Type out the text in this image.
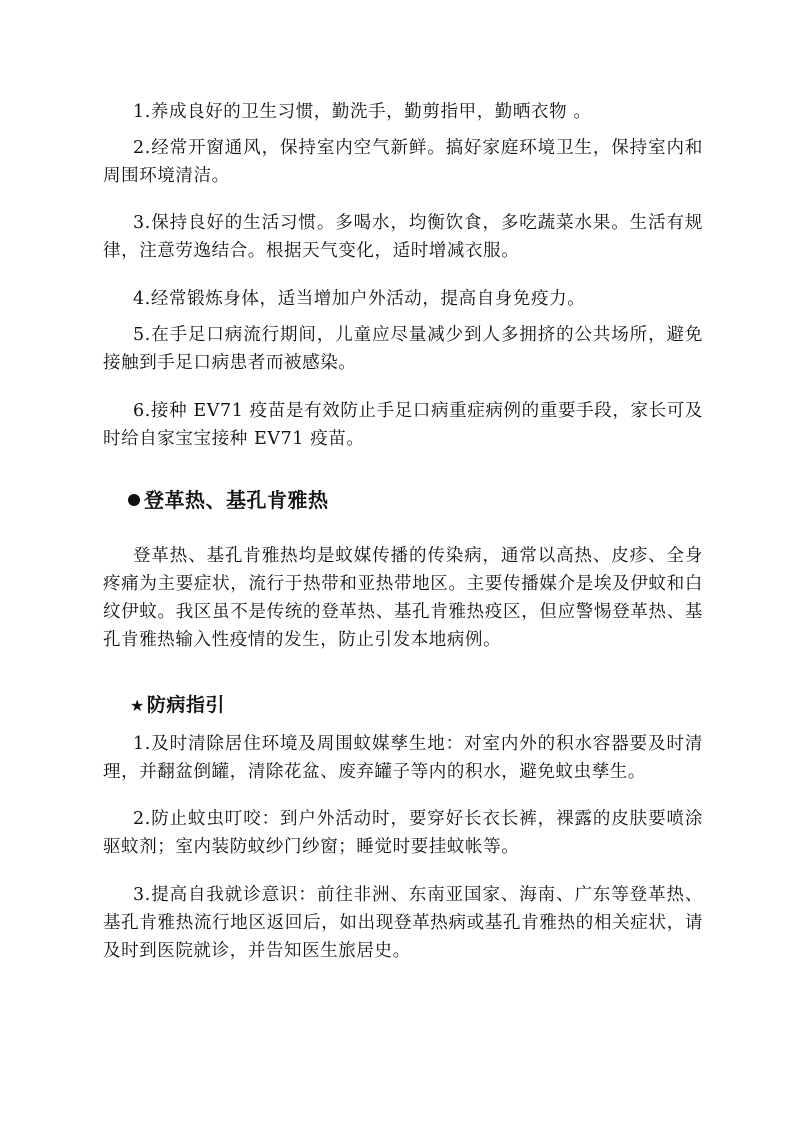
1.养成良好的卫生习惯，勤洗手，勤剪指甲，勤晒衣物 。

2.经常开窗通风，保持室内空气新鲜。搞好家庭环境卫生，保持室内和周围环境清洁。

3.保持良好的生活习惯。多喝水，均衡饮食，多吃蔬菜水果。生活有规律，注意劳逸结合。根据天气变化，适时增减衣服。

4.经常锻炼身体，适当增加户外活动，提高自身免疫力。

5.在手足口病流行期间，儿童应尽量减少到人多拥挤的公共场所，避免接触到手足口病患者而被感染。

6.接种 EV71 疫苗是有效防止手足口病重症病例的重要手段，家长可及时给自家宝宝接种 EV71 疫苗。

登革热、基孔肯雅热

登革热、基孔肯雅热均是蚊媒传播的传染病，通常以高热、皮疹、全身疼痛为主要症状，流行于热带和亚热带地区。主要传播媒介是埃及伊蚊和白纹伊蚊。我区虽不是传统的登革热、基孔肯雅热疫区，但应警惕登革热、基孔肯雅热输入性疫情的发生，防止引发本地病例。

★ 防病指引

1.及时清除居住环境及周围蚊媒孳生地：对室内外的积水容器要及时清理，并翻盆倒罐，清除花盆、废弃罐子等内的积水，避免蚊虫孳生。

2.防止蚊虫叮咬：到户外活动时，要穿好长衣长裤，裸露的皮肤要喷涂驱蚊剂；室内装防蚊纱门纱窗；睡觉时要挂蚊帐等。

3.提高自我就诊意识：前往非洲、东南亚国家、海南、广东等登革热、基孔肯雅热流行地区返回后，如出现登革热病或基孔肯雅热的相关症状，请及时到医院就诊，并告知医生旅居史。
